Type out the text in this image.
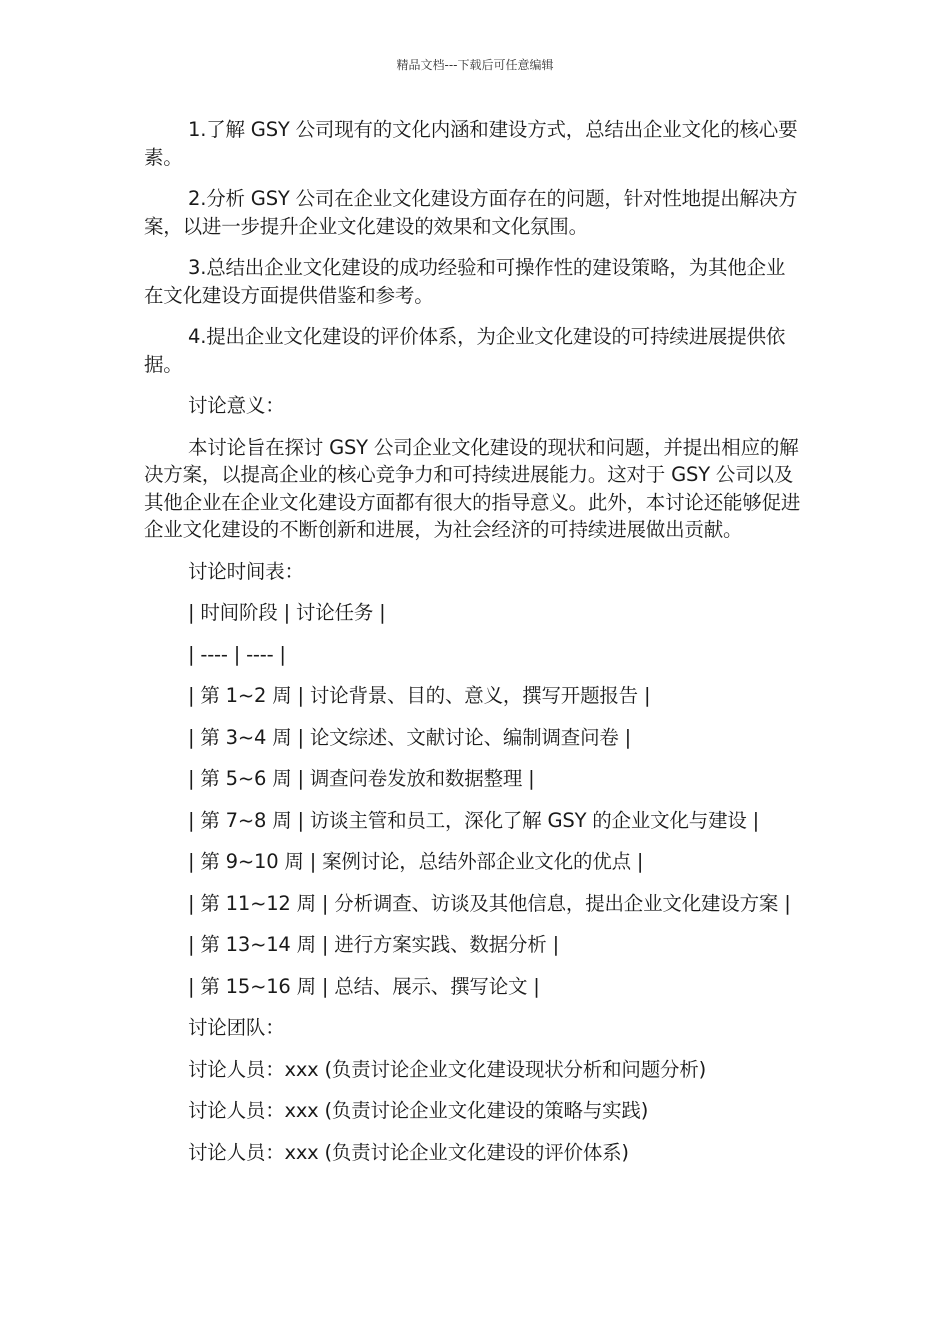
精品文档---下载后可任意编辑

1.了解 GSY 公司现有的文化内涵和建设方式，总结出企业文化的核心要素。

2.分析 GSY 公司在企业文化建设方面存在的问题，针对性地提出解决方案，以进一步提升企业文化建设的效果和文化氛围。

3.总结出企业文化建设的成功经验和可操作性的建设策略，为其他企业在文化建设方面提供借鉴和参考。

4.提出企业文化建设的评价体系，为企业文化建设的可持续进展提供依据。

讨论意义：

本讨论旨在探讨 GSY 公司企业文化建设的现状和问题，并提出相应的解决方案，以提高企业的核心竞争力和可持续进展能力。这对于 GSY 公司以及其他企业在企业文化建设方面都有很大的指导意义。此外，本讨论还能够促进企业文化建设的不断创新和进展，为社会经济的可持续进展做出贡献。

讨论时间表：

| 时间阶段 | 讨论任务 |

| ---- | ---- |

| 第 1~2 周 | 讨论背景、目的、意义，撰写开题报告 |

| 第 3~4 周 | 论文综述、文献讨论、编制调查问卷 |

| 第 5~6 周 | 调查问卷发放和数据整理 |

| 第 7~8 周 | 访谈主管和员工，深化了解 GSY 的企业文化与建设 |

| 第 9~10 周 | 案例讨论，总结外部企业文化的优点 |

| 第 11~12 周 | 分析调查、访谈及其他信息，提出企业文化建设方案 |

| 第 13~14 周 | 进行方案实践、数据分析 |

| 第 15~16 周 | 总结、展示、撰写论文 |

讨论团队：

讨论人员：xxx (负责讨论企业文化建设现状分析和问题分析)

讨论人员：xxx (负责讨论企业文化建设的策略与实践)

讨论人员：xxx (负责讨论企业文化建设的评价体系)
